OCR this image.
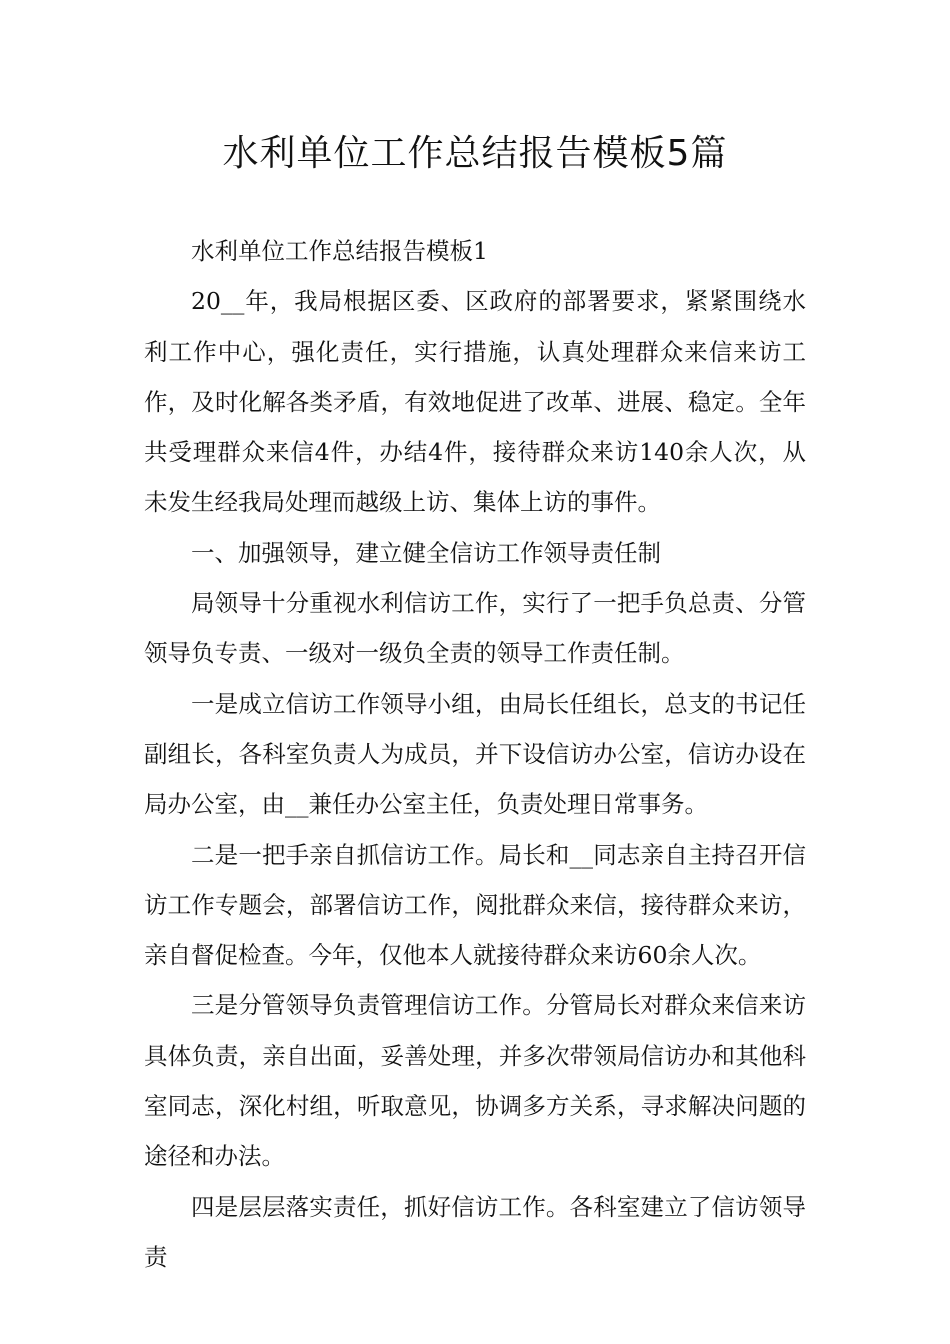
水利单位工作总结报告模板5篇

水利单位工作总结报告模板1

20__年，我局根据区委、区政府的部署要求，紧紧围绕水利工作中心，强化责任，实行措施，认真处理群众来信来访工作，及时化解各类矛盾，有效地促进了改革、进展、稳定。全年共受理群众来信4件，办结4件，接待群众来访140余人次，从未发生经我局处理而越级上访、集体上访的事件。

一、加强领导，建立健全信访工作领导责任制

局领导十分重视水利信访工作，实行了一把手负总责、分管领导负专责、一级对一级负全责的领导工作责任制。

一是成立信访工作领导小组，由局长任组长，总支的书记任副组长，各科室负责人为成员，并下设信访办公室，信访办设在局办公室，由__兼任办公室主任，负责处理日常事务。

二是一把手亲自抓信访工作。局长和__同志亲自主持召开信访工作专题会，部署信访工作，阅批群众来信，接待群众来访，亲自督促检查。今年，仅他本人就接待群众来访60余人次。

三是分管领导负责管理信访工作。分管局长对群众来信来访具体负责，亲自出面，妥善处理，并多次带领局信访办和其他科室同志，深化村组，听取意见，协调多方关系，寻求解决问题的途径和办法。

四是层层落实责任，抓好信访工作。各科室建立了信访领导责
